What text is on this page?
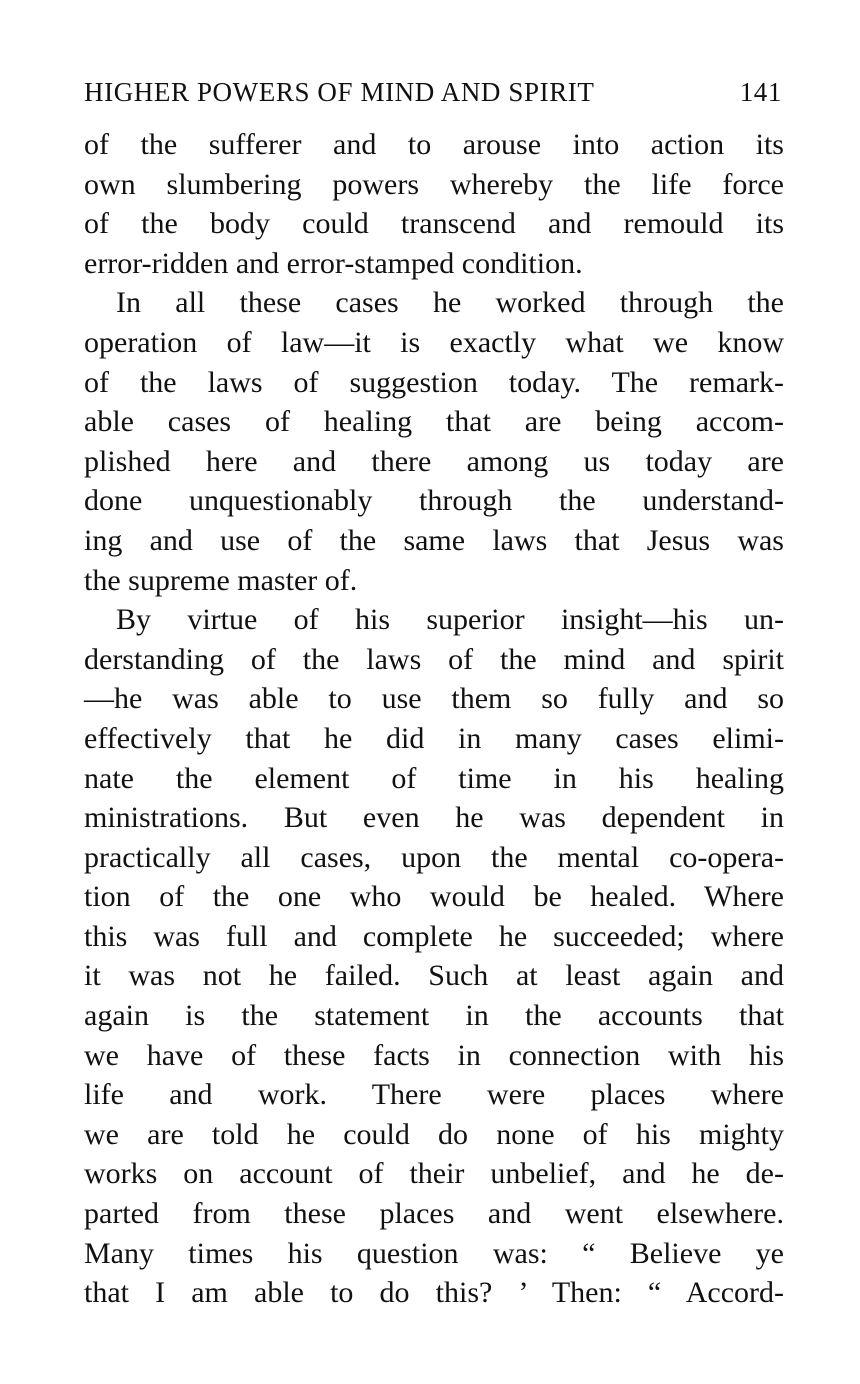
HIGHER POWERS OF MIND AND SPIRIT	141
of the sufferer and to arouse into action its
own slumbering powers whereby the life force
of the body could transcend and remould its
error-ridden and error-stamped condition.
In all these cases he worked through the
operation of law—it is exactly what we know
of the laws of suggestion today. The remark-
able cases of healing that are being accom-
plished here and there among us today are
done unquestionably through the understand-
ing and use of the same laws that Jesus was
the supreme master of.
By virtue of his superior insight—his un-
derstanding of the laws of the mind and spirit
—he was able to use them so fully and so
effectively that he did in many cases elimi-
nate the element of time in his healing
ministrations. But even he was dependent in
practically all cases, upon the mental co-opera-
tion of the one who would be healed. Where
this was full and complete he succeeded; where
it was not he failed. Such at least again and
again is the statement in the accounts that
we have of these facts in connection with his
life and work. There were places where
we are told he could do none of his mighty
works on account of their unbelief, and he de-
parted from these places and went elsewhere.
Many times his question was: “ Believe ye
that I am able to do this? ’ Then: “ Accord-
